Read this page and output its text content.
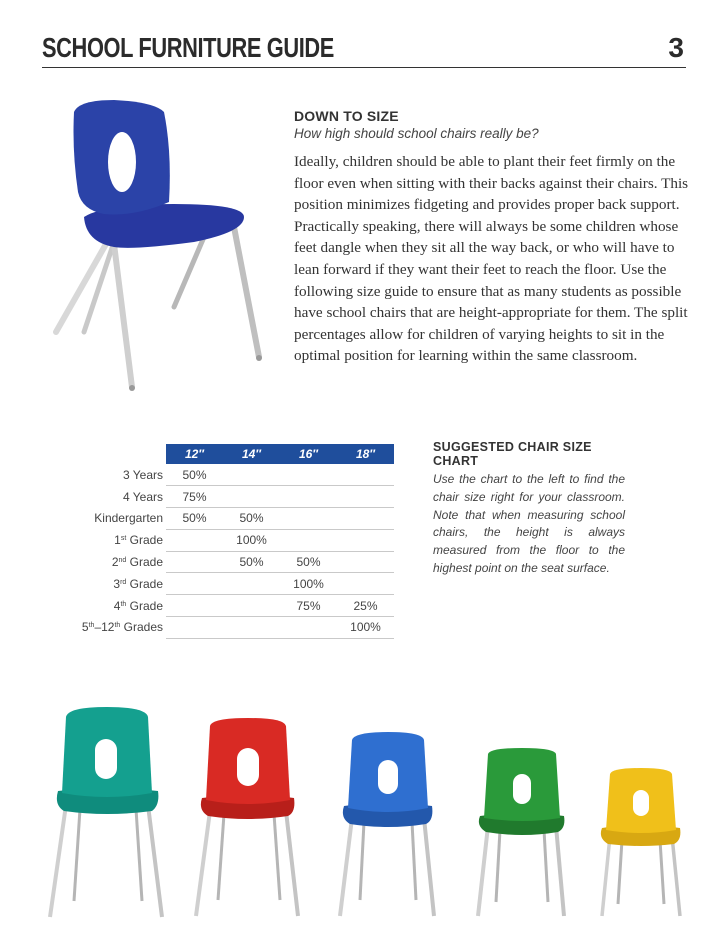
SCHOOL FURNITURE GUIDE	3
DOWN TO SIZE
How high should school chairs really be?
Ideally, children should be able to plant their feet firmly on the floor even when sitting with their backs against their chairs. This position minimizes fidgeting and provides proper back support. Practically speaking, there will always be some children whose feet dangle when they sit all the way back, or who will have to lean forward if they want their feet to reach the floor. Use the following size guide to ensure that as many students as possible have school chairs that are height-appropriate for them. The split percentages allow for children of varying heights to sit in the optimal position for learning within the same classroom.
	12″	14″	16″	18″
3 Years	50%			
4 Years	75%			
Kindergarten	50%	50%		
1st Grade		100%		
2nd Grade		50%	50%	
3rd Grade			100%	
4th Grade			75%	25%
5th–12th Grades				100%
SUGGESTED CHAIR SIZE CHART
Use the chart to the left to find the chair size right for your classroom. Note that when measuring school chairs, the height is always measured from the floor to the highest point on the seat surface.
